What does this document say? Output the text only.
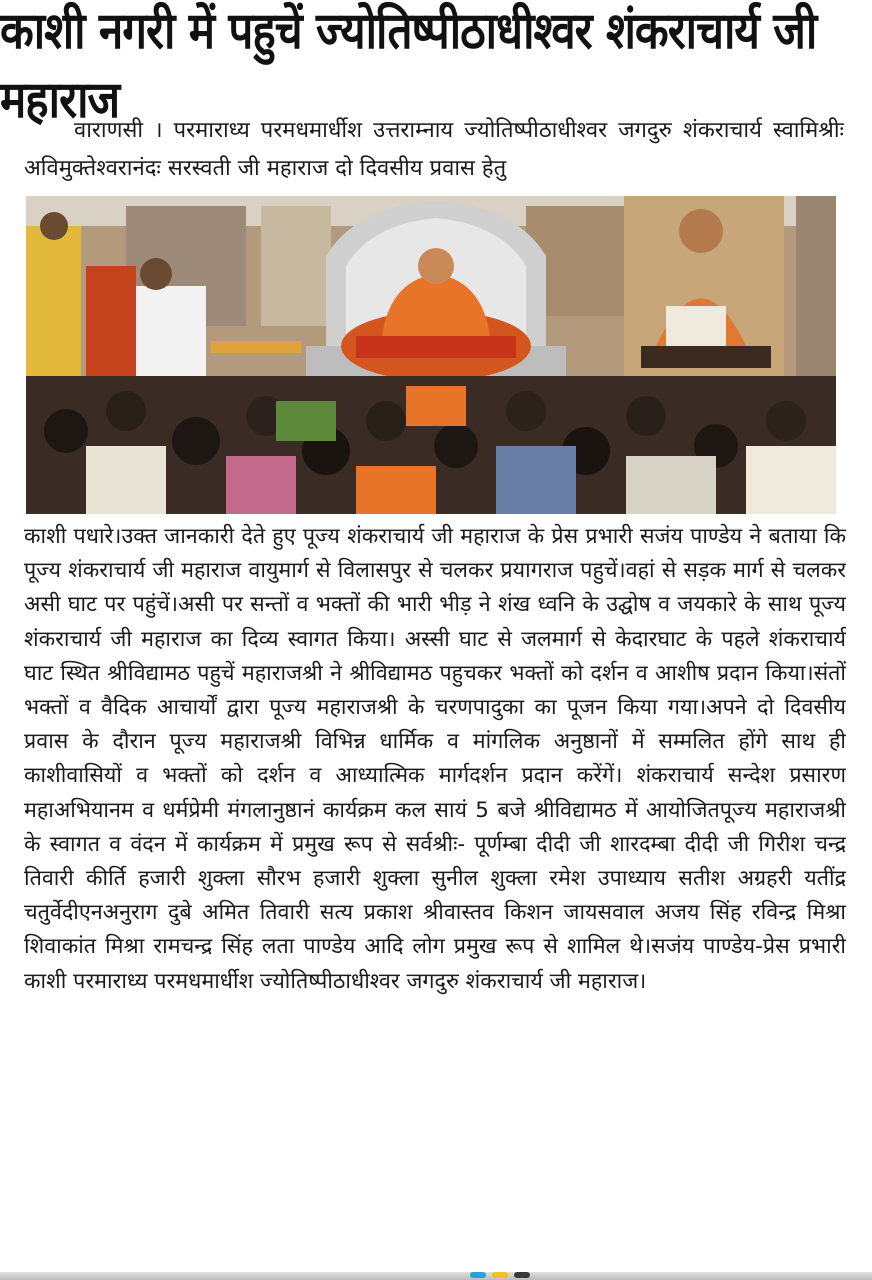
काशी नगरी में पहुचें ज्योतिष्पीठाधीश्वर शंकराचार्य जी महाराज

वाराणसी । परमाराध्य परमधमार्धीश उत्तराम्नाय ज्योतिष्पीठाधीश्वर जगदुरु शंकराचार्य स्वामिश्रीः अविमुक्तेश्वरानंदः सरस्वती जी महाराज दो दिवसीय प्रवास हेतु

काशी पधारे।उक्त जानकारी देते हुए पूज्य शंकराचार्य जी महाराज के प्रेस प्रभारी सजंय पाण्डेय ने बताया कि पूज्य शंकराचार्य जी महाराज वायुमार्ग से विलासपुर से चलकर प्रयागराज पहुचें।वहां से सड़क मार्ग से चलकर असी घाट पर पहुंचें।असी पर सन्तों व भक्तों की भारी भीड़ ने शंख ध्वनि के उद्घोष व जयकारे के साथ पूज्य शंकराचार्य जी महाराज का दिव्य स्वागत किया। अस्सी घाट से जलमार्ग से केदारघाट के पहले शंकराचार्य घाट स्थित श्रीविद्यामठ पहुचें महाराजश्री ने श्रीविद्यामठ पहुचकर भक्तों को दर्शन व आशीष प्रदान किया।संतों भक्तों व वैदिक आचार्यों द्वारा पूज्य महाराजश्री के चरणपादुका का पूजन किया गया।अपने दो दिवसीय प्रवास के दौरान पूज्य महाराजश्री विभिन्न धार्मिक व मांगलिक अनुष्ठानों में सम्मलित होंगे साथ ही काशीवासियों व भक्तों को दर्शन व आध्यात्मिक मार्गदर्शन प्रदान करेंगें। शंकराचार्य सन्देश प्रसारण महाअभियानम व धर्मप्रेमी मंगलानुष्ठानं कार्यक्रम कल सायं 5 बजे श्रीविद्यामठ में आयोजितपूज्य महाराजश्री के स्वागत व वंदन में कार्यक्रम में प्रमुख रूप से सर्वश्रीः- पूर्णम्बा दीदी जी शारदम्बा दीदी जी गिरीश चन्द्र तिवारी कीर्ति हजारी शुक्ला सौरभ हजारी शुक्ला सुनील शुक्ला रमेश उपाध्याय सतीश अग्रहरी यतींद्र चतुर्वेदीएनअनुराग दुबे अमित तिवारी सत्य प्रकाश श्रीवास्तव किशन जायसवाल अजय सिंह रविन्द्र मिश्रा शिवाकांत मिश्रा रामचन्द्र सिंह लता पाण्डेय आदि लोग प्रमुख रूप से शामिल थे।सजंय पाण्डेय-प्रेस प्रभारी काशी परमाराध्य परमधमार्धीश ज्योतिष्पीठाधीश्वर जगदुरु शंकराचार्य जी महाराज।
